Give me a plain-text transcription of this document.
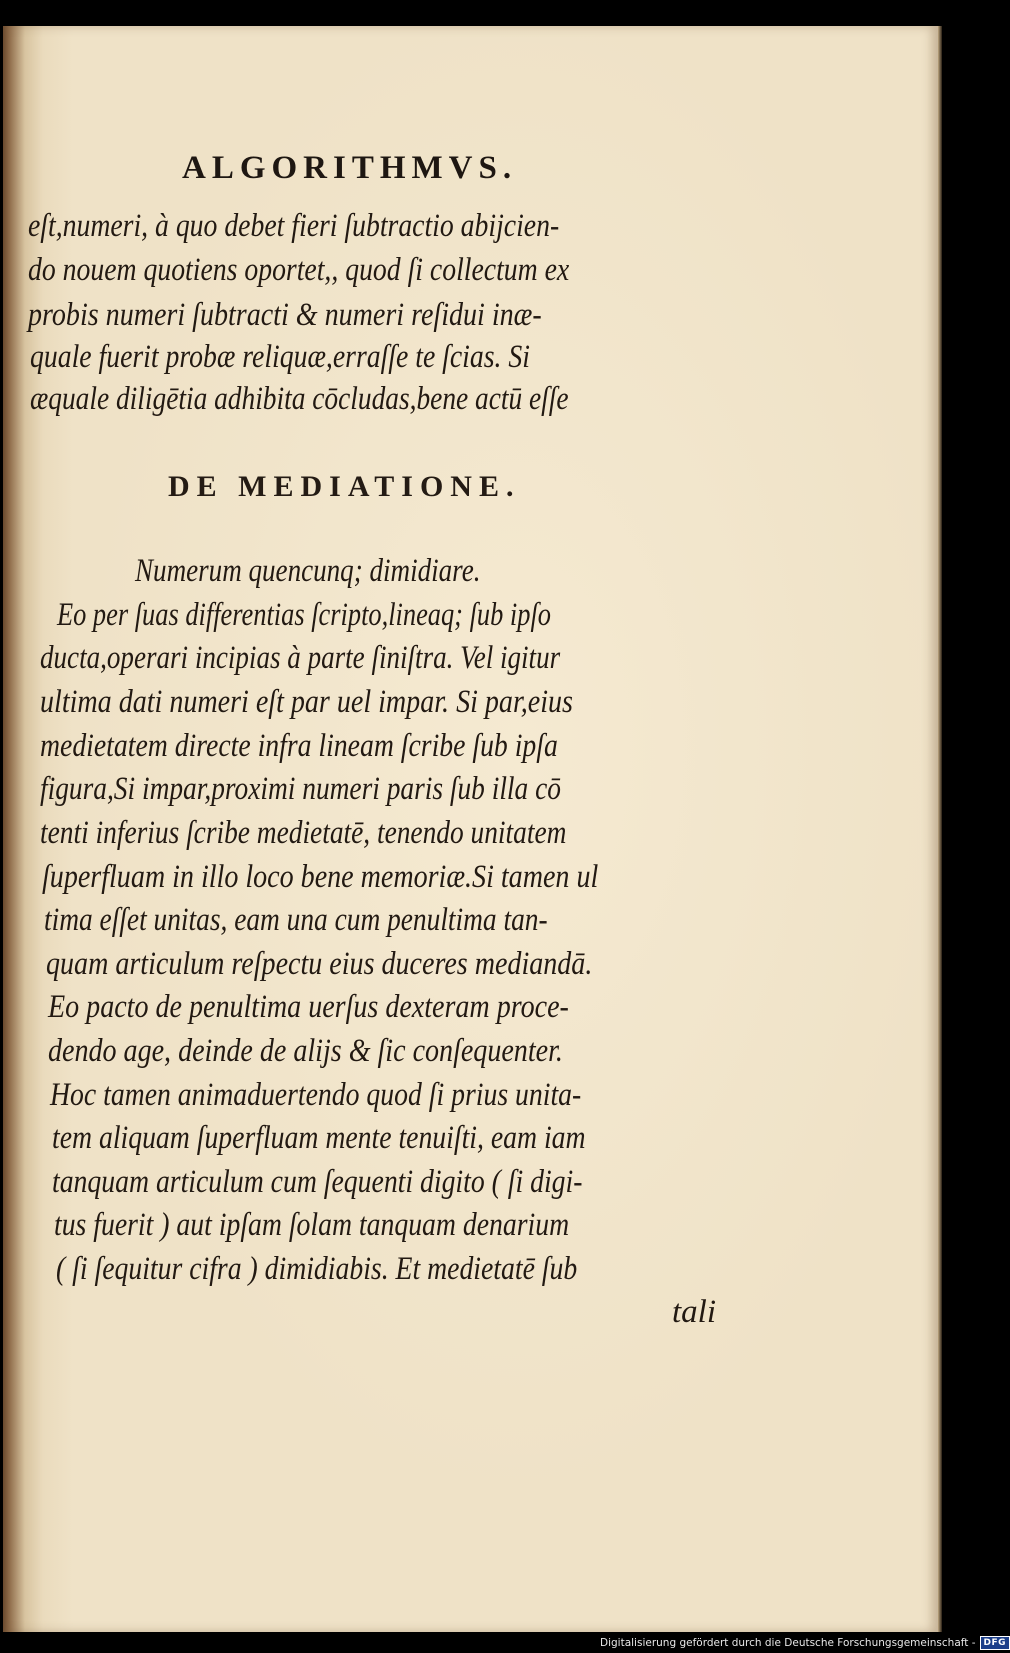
ALGORITHMVS.
eſt,numeri, à quo debet fieri ſubtractio abijcien-
do nouem quotiens oportet,, quod ſi collectum ex
probis numeri ſubtracti & numeri reſidui inæ-
quale fuerit probæ reliquæ,erraſſe te ſcias. Si
æquale diligētia adhibita cōcludas,bene actū eſſe
DE MEDIATIONE.
Numerum quencunq; dimidiare.
Eo per ſuas differentias ſcripto,lineaq; ſub ipſo
ducta,operari incipias à parte ſiniſtra. Vel igitur
ultima dati numeri eſt par uel impar. Si par,eius
medietatem directe infra lineam ſcribe ſub ipſa
figura,Si impar,proximi numeri paris ſub illa cō
tenti inferius ſcribe medietatē, tenendo unitatem
ſuperfluam in illo loco bene memoriæ.Si tamen ul
tima eſſet unitas, eam una cum penultima tan-
quam articulum reſpectu eius duceres mediandā.
Eo pacto de penultima uerſus dexteram proce-
dendo age, deinde de alijs & ſic conſequenter.
Hoc tamen animaduertendo quod ſi prius unita-
tem aliquam ſuperfluam mente tenuiſti, eam iam
tanquam articulum cum ſequenti digito ( ſi digi-
tus fuerit ) aut ipſam ſolam tanquam denarium
( ſi ſequitur cifra ) dimidiabis. Et medietatē ſub
tali
Digitalisierung gefördert durch die Deutsche Forschungsgemeinschaft - DFG
